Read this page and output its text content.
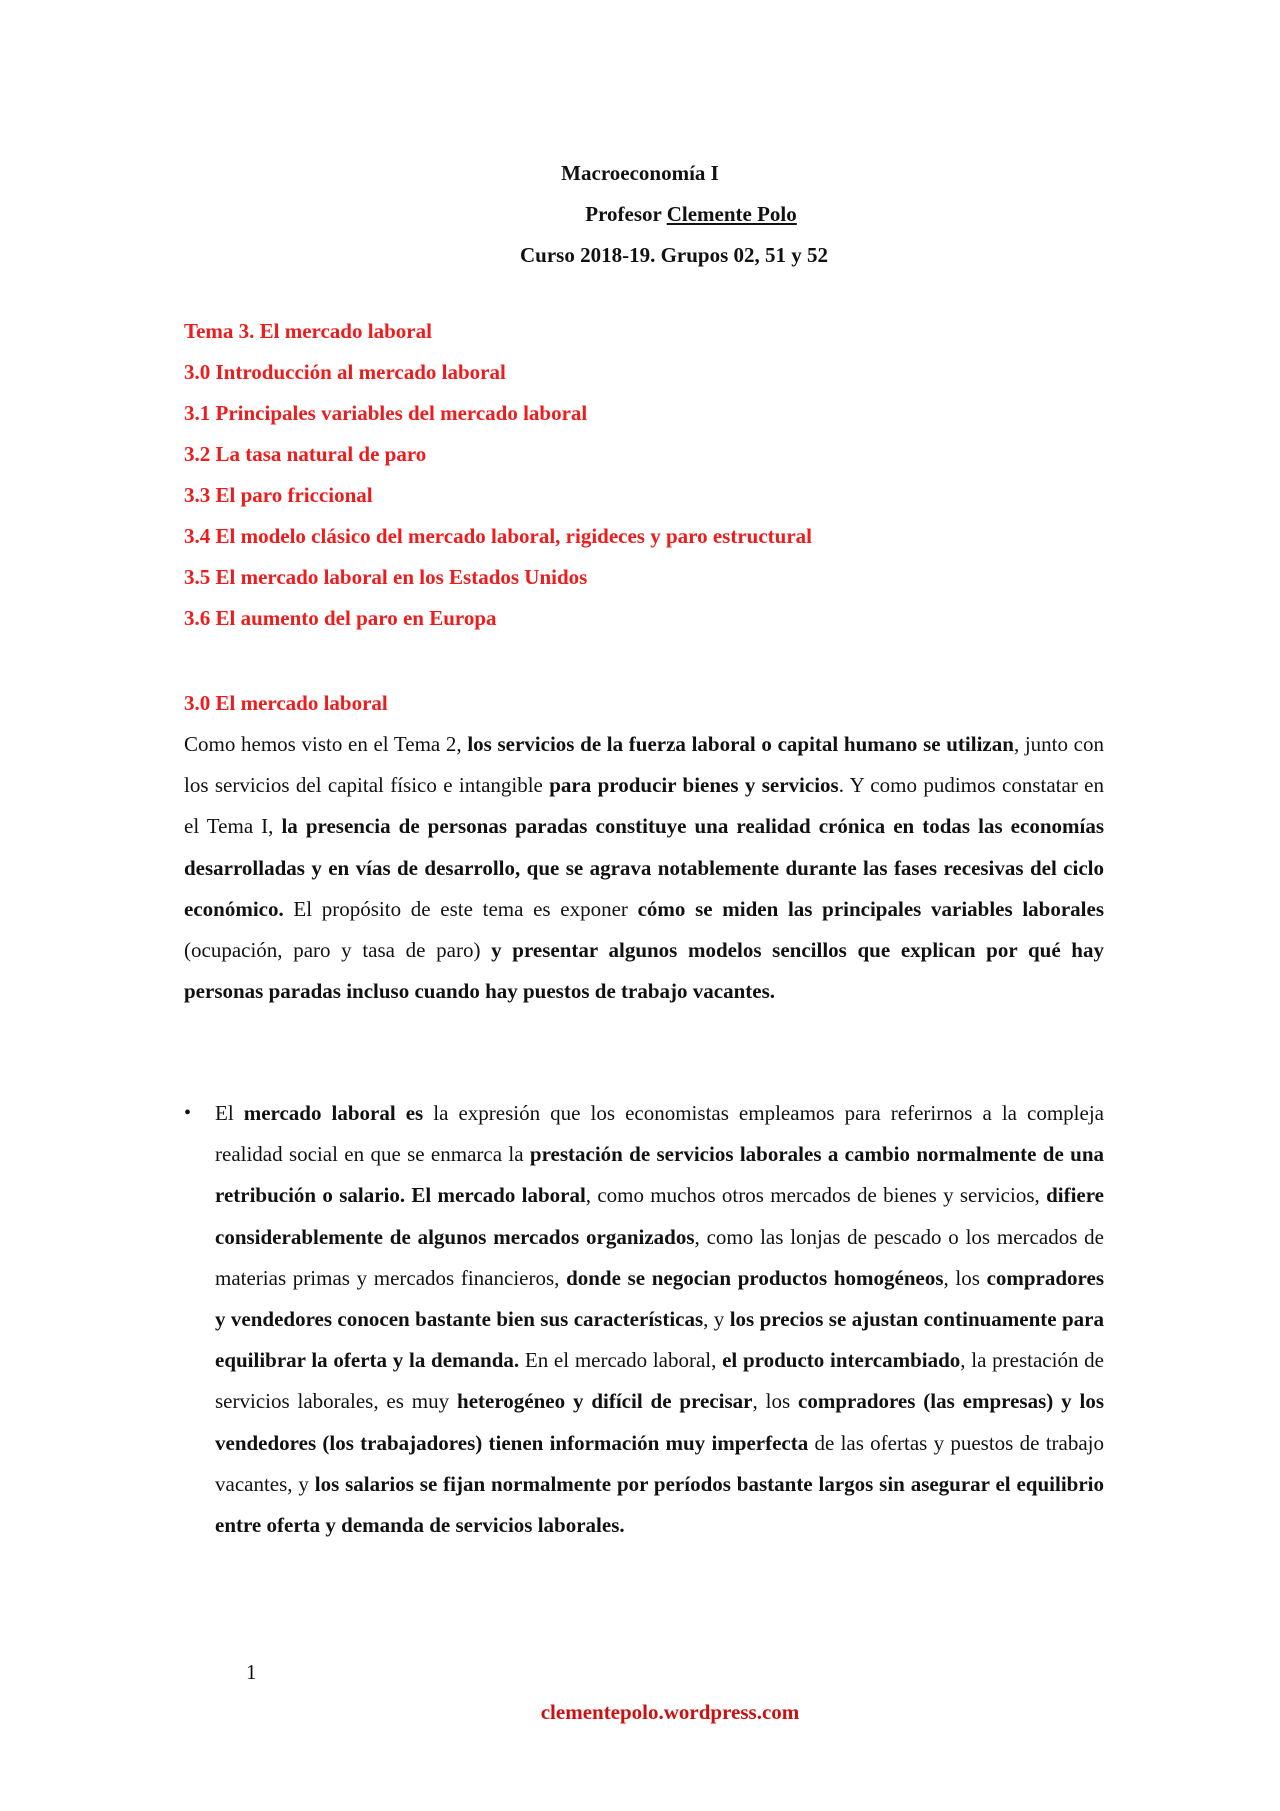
Macroeconomía I
Profesor Clemente Polo
Curso 2018-19. Grupos 02, 51 y 52
Tema 3. El mercado laboral
3.0 Introducción al mercado laboral
3.1 Principales variables del mercado laboral
3.2 La tasa natural de paro
3.3 El paro friccional
3.4 El modelo clásico del mercado laboral, rigideces y paro estructural
3.5 El mercado laboral en los Estados Unidos
3.6 El aumento del paro en Europa
3.0 El mercado laboral
Como hemos visto en el Tema 2, los servicios de la fuerza laboral o capital humano se utilizan, junto con los servicios del capital físico e intangible para producir bienes y servicios. Y como pudimos constatar en el Tema I, la presencia de personas paradas constituye una realidad crónica en todas las economías desarrolladas y en vías de desarrollo, que se agrava notablemente durante las fases recesivas del ciclo económico. El propósito de este tema es exponer cómo se miden las principales variables laborales (ocupación, paro y tasa de paro) y presentar algunos modelos sencillos que explican por qué hay personas paradas incluso cuando hay puestos de trabajo vacantes.
•	El mercado laboral es la expresión que los economistas empleamos para referirnos a la compleja realidad social en que se enmarca la prestación de servicios laborales a cambio normalmente de una retribución o salario. El mercado laboral, como muchos otros mercados de bienes y servicios, difiere considerablemente de algunos mercados organizados, como las lonjas de pescado o los mercados de materias primas y mercados financieros, donde se negocian productos homogéneos, los compradores y vendedores conocen bastante bien sus características, y los precios se ajustan continuamente para equilibrar la oferta y la demanda. En el mercado laboral, el producto intercambiado, la prestación de servicios laborales, es muy heterogéneo y difícil de precisar, los compradores (las empresas) y los vendedores (los trabajadores) tienen información muy imperfecta de las ofertas y puestos de trabajo vacantes, y los salarios se fijan normalmente por períodos bastante largos sin asegurar el equilibrio entre oferta y demanda de servicios laborales.
1
clementepolo.wordpress.com
